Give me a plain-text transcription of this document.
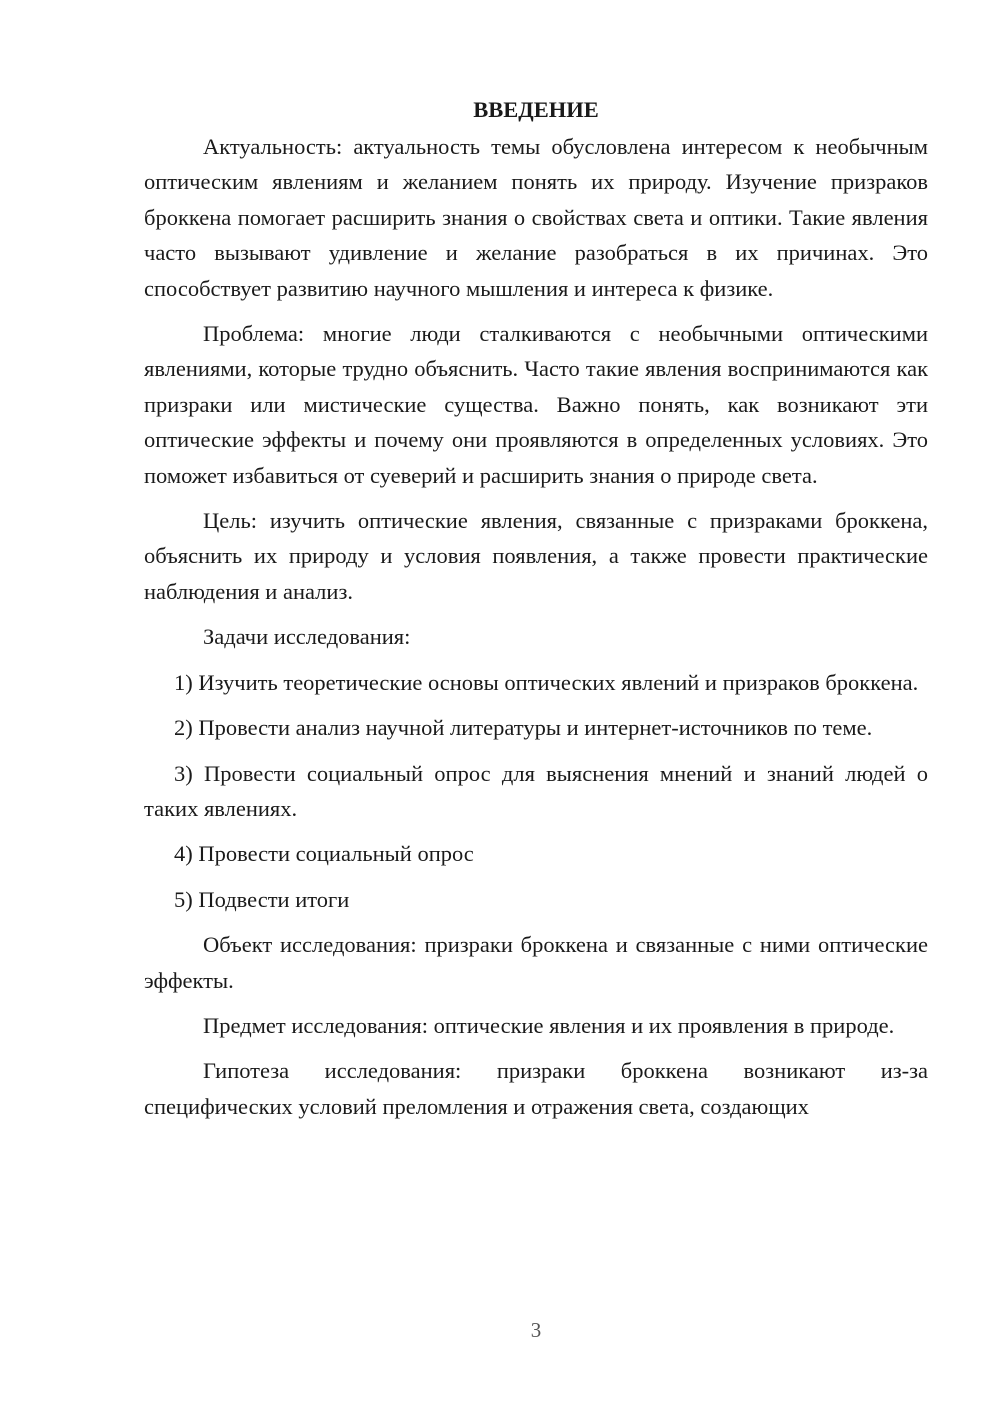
ВВЕДЕНИЕ

Актуальность: актуальность темы обусловлена интересом к необычным оптическим явлениям и желанием понять их природу. Изучение призраков броккена помогает расширить знания о свойствах света и оптики. Такие явления часто вызывают удивление и желание разобраться в их причинах. Это способствует развитию научного мышления и интереса к физике.

Проблема: многие люди сталкиваются с необычными оптическими явлениями, которые трудно объяснить. Часто такие явления воспринимаются как призраки или мистические существа. Важно понять, как возникают эти оптические эффекты и почему они проявляются в определенных условиях. Это поможет избавиться от суеверий и расширить знания о природе света.

Цель: изучить оптические явления, связанные с призраками броккена, объяснить их природу и условия появления, а также провести практические наблюдения и анализ.

Задачи исследования:

1) Изучить теоретические основы оптических явлений и призраков броккена.

2) Провести анализ научной литературы и интернет-источников по теме.

3) Провести социальный опрос для выяснения мнений и знаний людей о таких явлениях.

4) Провести социальный опрос

5) Подвести итоги

Объект исследования: призраки броккена и связанные с ними оптические эффекты.

Предмет исследования: оптические явления и их проявления в природе.

Гипотеза исследования: призраки броккена возникают из-за специфических условий преломления и отражения света, создающих

3
